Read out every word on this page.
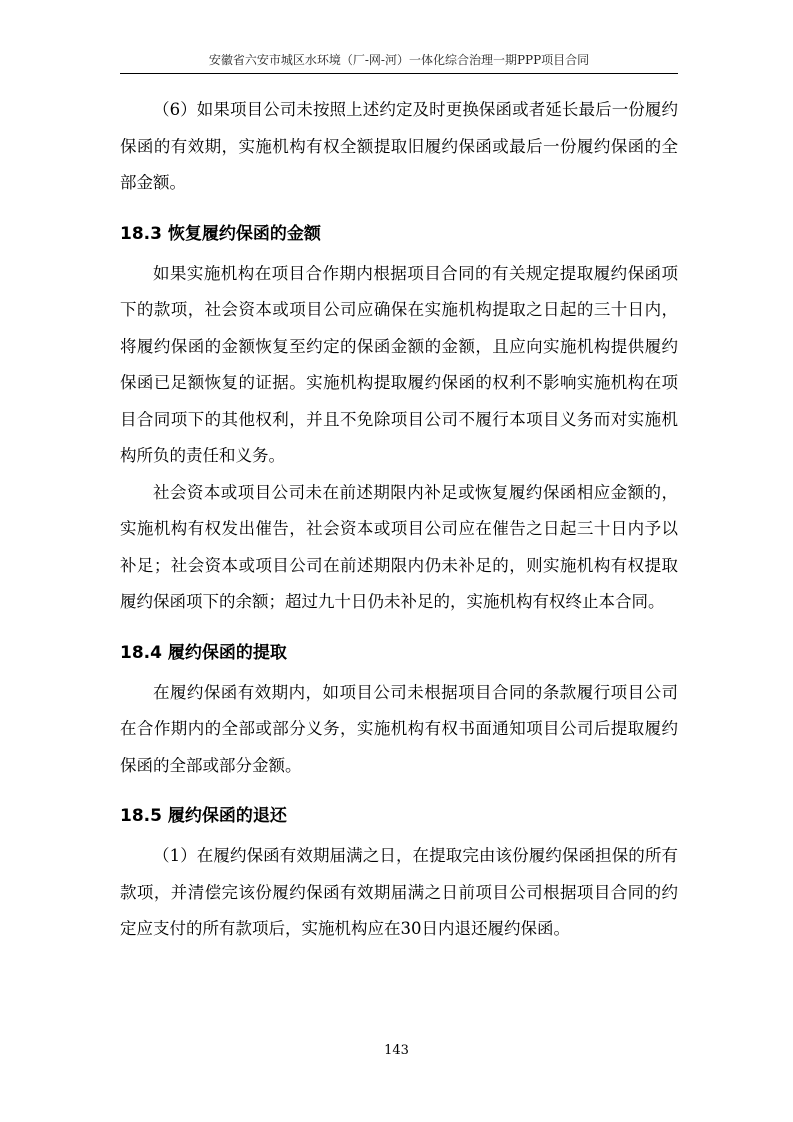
安徽省六安市城区水环境（厂-网-河）一体化综合治理一期PPP项目合同

（6）如果项目公司未按照上述约定及时更换保函或者延长最后一份履约保函的有效期，实施机构有权全额提取旧履约保函或最后一份履约保函的全部金额。

18.3 恢复履约保函的金额

如果实施机构在项目合作期内根据项目合同的有关规定提取履约保函项下的款项，社会资本或项目公司应确保在实施机构提取之日起的三十日内，将履约保函的金额恢复至约定的保函金额的金额，且应向实施机构提供履约保函已足额恢复的证据。实施机构提取履约保函的权利不影响实施机构在项目合同项下的其他权利，并且不免除项目公司不履行本项目义务而对实施机构所负的责任和义务。

社会资本或项目公司未在前述期限内补足或恢复履约保函相应金额的，实施机构有权发出催告，社会资本或项目公司应在催告之日起三十日内予以补足；社会资本或项目公司在前述期限内仍未补足的，则实施机构有权提取履约保函项下的余额；超过九十日仍未补足的，实施机构有权终止本合同。

18.4 履约保函的提取

在履约保函有效期内，如项目公司未根据项目合同的条款履行项目公司在合作期内的全部或部分义务，实施机构有权书面通知项目公司后提取履约保函的全部或部分金额。

18.5 履约保函的退还

（1）在履约保函有效期届满之日，在提取完由该份履约保函担保的所有款项，并清偿完该份履约保函有效期届满之日前项目公司根据项目合同的约定应支付的所有款项后，实施机构应在30日内退还履约保函。

143
